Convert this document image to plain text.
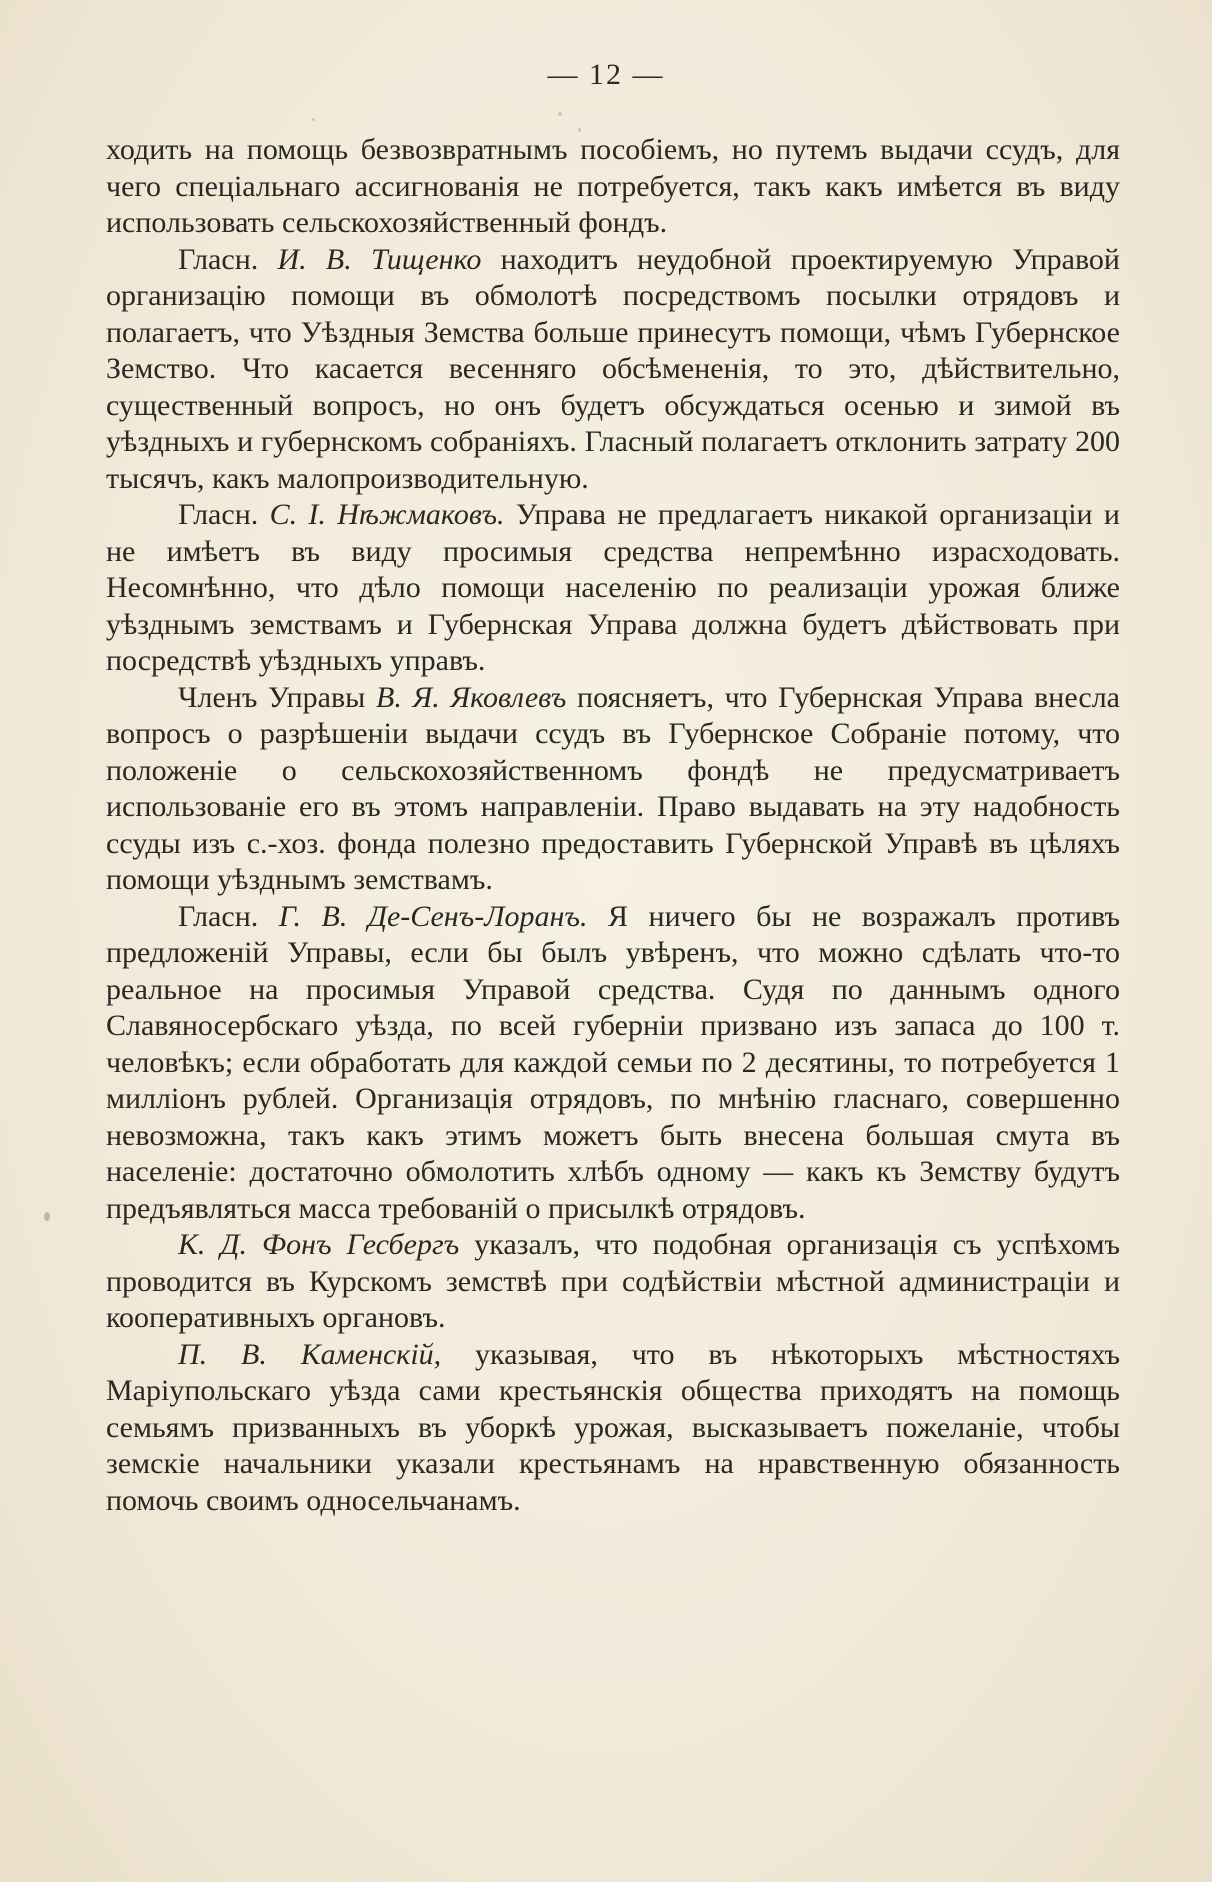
— 12 —

ходить на помощь безвозвратнымъ пособіемъ, но путемъ выдачи ссудъ, для чего спеціальнаго ассигнованія не потребуется, такъ какъ имѣется въ виду использовать сельскохозяйственный фондъ.

Гласн. И. В. Тищенко находитъ неудобной проектируемую Управой организацію помощи въ обмолотѣ посредствомъ посылки отрядовъ и полагаетъ, что Уѣздныя Земства больше принесутъ помощи, чѣмъ Губернское Земство. Что касается весенняго обсѣмененія, то это, дѣйствительно, существенный вопросъ, но онъ будетъ обсуждаться осенью и зимой въ уѣздныхъ и губернскомъ собраніяхъ. Гласный полагаетъ отклонить затрату 200 тысячъ, какъ малопроизводительную.

Гласн. С. І. Нѣжмаковъ. Управа не предлагаетъ никакой организаціи и не имѣетъ въ виду просимыя средства непремѣнно израсходовать. Несомнѣнно, что дѣло помощи населенію по реализаціи урожая ближе уѣзднымъ земствамъ и Губернская Управа должна будетъ дѣйствовать при посредствѣ уѣздныхъ управъ.

Членъ Управы В. Я. Яковлевъ поясняетъ, что Губернская Управа внесла вопросъ о разрѣшеніи выдачи ссудъ въ Губернское Собраніе потому, что положеніе о сельскохозяйственномъ фондѣ не предусматриваетъ использованіе его въ этомъ направленіи. Право выдавать на эту надобность ссуды изъ с.-хоз. фонда полезно предоставить Губернской Управѣ въ цѣляхъ помощи уѣзднымъ земствамъ.

Гласн. Г. В. Де-Сенъ-Лоранъ. Я ничего бы не возражалъ противъ предложеній Управы, если бы былъ увѣренъ, что можно сдѣлать что-то реальное на просимыя Управой средства. Судя по даннымъ одного Славяносербскаго уѣзда, по всей губерніи призвано изъ запаса до 100 т. человѣкъ; если обработать для каждой семьи по 2 десятины, то потребуется 1 милліонъ рублей. Организація отрядовъ, по мнѣнію гласнаго, совершенно невозможна, такъ какъ этимъ можетъ быть внесена большая смута въ населеніе: достаточно обмолотить хлѣбъ одному — какъ къ Земству будутъ предъявляться масса требованій о присылкѣ отрядовъ.

К. Д. Фонъ Гесбергъ указалъ, что подобная организація съ успѣхомъ проводится въ Курскомъ земствѣ при содѣйствіи мѣстной администраціи и кооперативныхъ органовъ.

П. В. Каменскій, указывая, что въ нѣкоторыхъ мѣстностяхъ Маріупольскаго уѣзда сами крестьянскія общества приходятъ на помощь семьямъ призванныхъ въ уборкѣ урожая, высказываетъ пожеланіе, чтобы земскіе начальники указали крестьянамъ на нравственную обязанность помочь своимъ односельчанамъ.
